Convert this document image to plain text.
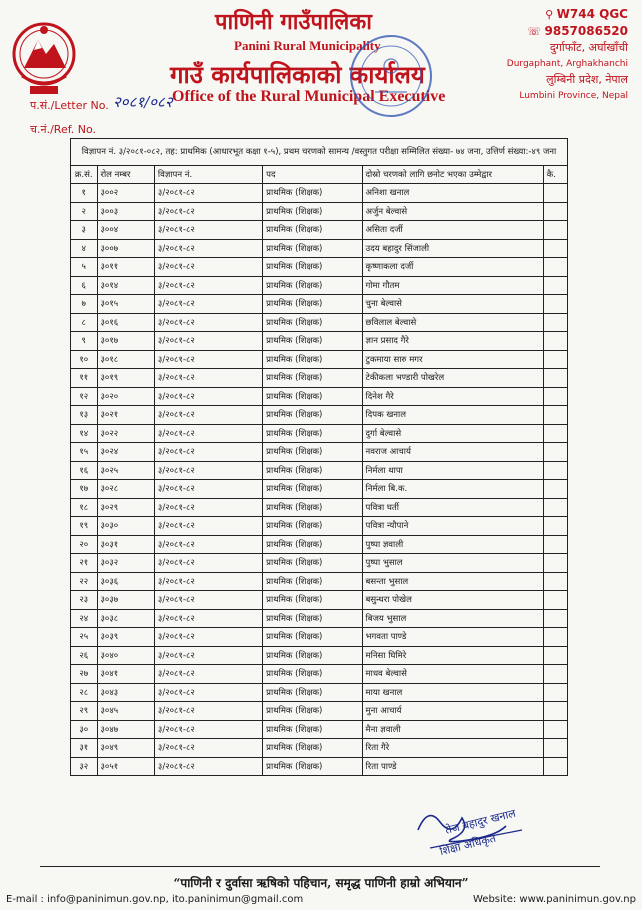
पाणिनी गाउँपालिका
Panini Rural Municipality
गाउँ कार्यपालिकाको कार्यालय
Office of the Rural Municipal Executive
प.सं./Letter No. २०८१/०८२
च.नं./Ref. No.
⚲ W744 QGC
☏ 9857086520
दुर्गाफाँट, अर्घाखाँची
Durgaphant, Arghakhanchi
लुम्बिनी प्रदेश, नेपाल
Lumbini Province, Nepal
विज्ञापन नं. ३/२०८१-०८२, तह: प्राथमिक (आधारभूत कक्षा १-५), प्रथम चरणको सामन्य /वस्तुगत परीक्षा सम्मिलित संख्या- ७४ जना, उत्तिर्ण संख्या:-४९ जना					
क्र.सं.	रोल नम्बर	विज्ञापन नं.	पद	दोस्रो चरणको लागि छनोट भएका उम्मेद्वार	कै.
१	३००२	३/२०८१-८२	प्राथमिक (शिक्षक)	अनिशा खनाल	
२	३००३	३/२०८१-८२	प्राथमिक (शिक्षक)	अर्जुन बेल्वासे	
३	३००४	३/२०८१-८२	प्राथमिक (शिक्षक)	असिता दर्जी	
४	३००७	३/२०८१-८२	प्राथमिक (शिक्षक)	उदय बहादुर सिंजाली	
५	३०११	३/२०८१-८२	प्राथमिक (शिक्षक)	कृष्णाकला दर्जी	
६	३०१४	३/२०८१-८२	प्राथमिक (शिक्षक)	गोमा गौतम	
७	३०१५	३/२०८१-८२	प्राथमिक (शिक्षक)	चुना बेल्वासे	
८	३०१६	३/२०८१-८२	प्राथमिक (शिक्षक)	छविलाल बेल्वासे	
९	३०१७	३/२०८१-८२	प्राथमिक (शिक्षक)	ज्ञान प्रसाद गैरे	
१०	३०१८	३/२०८१-८२	प्राथमिक (शिक्षक)	टुकमाया सारु मगर	
११	३०१९	३/२०८१-८२	प्राथमिक (शिक्षक)	टेकीकला भण्डारी पोखरेल	
१२	३०२०	३/२०८१-८२	प्राथमिक (शिक्षक)	दिनेश गैरे	
१३	३०२१	३/२०८१-८२	प्राथमिक (शिक्षक)	दिपक खनाल	
१४	३०२२	३/२०८१-८२	प्राथमिक (शिक्षक)	दुर्गा बेल्वासे	
१५	३०२४	३/२०८१-८२	प्राथमिक (शिक्षक)	नवराज आचार्य	
१६	३०२५	३/२०८१-८२	प्राथमिक (शिक्षक)	निर्मला थापा	
१७	३०२८	३/२०८१-८२	प्राथमिक (शिक्षक)	निर्मला बि.क.	
१८	३०२९	३/२०८१-८२	प्राथमिक (शिक्षक)	पवित्रा घर्ती	
१९	३०३०	३/२०८१-८२	प्राथमिक (शिक्षक)	पवित्रा न्यौपाने	
२०	३०३१	३/२०८१-८२	प्राथमिक (शिक्षक)	पुष्पा ज्ञवाली	
२१	३०३२	३/२०८१-८२	प्राथमिक (शिक्षक)	पुष्पा भुसाल	
२२	३०३६	३/२०८१-८२	प्राथमिक (शिक्षक)	बसन्ता भुसाल	
२३	३०३७	३/२०८१-८२	प्राथमिक (शिक्षक)	बसुन्धरा पोखेल	
२४	३०३८	३/२०८१-८२	प्राथमिक (शिक्षक)	बिजय भुसाल	
२५	३०३९	३/२०८१-८२	प्राथमिक (शिक्षक)	भगवता पाण्डे	
२६	३०४०	३/२०८१-८२	प्राथमिक (शिक्षक)	मनिसा घिमिरे	
२७	३०४१	३/२०८१-८२	प्राथमिक (शिक्षक)	माधव बेल्वासे	
२८	३०४३	३/२०८१-८२	प्राथमिक (शिक्षक)	माया खनाल	
२९	३०४५	३/२०८१-८२	प्राथमिक (शिक्षक)	मुना आचार्य	
३०	३०४७	३/२०८१-८२	प्राथमिक (शिक्षक)	मैना ज्ञवाली	
३१	३०४९	३/२०८१-८२	प्राथमिक (शिक्षक)	रिता गैरे	
३२	३०५१	३/२०८१-८२	प्राथमिक (शिक्षक)	रिता पाण्डे	
तेज बहादुर खनाल
शिक्षा अधिकृत
“पाणिनी र दुर्वासा ऋषिको पहिचान, समृद्ध पाणिनी हाम्रो अभियान”
E-mail : info@paninimun.gov.np, ito.paninimun@gmail.com	Website: www.paninimun.gov.np
